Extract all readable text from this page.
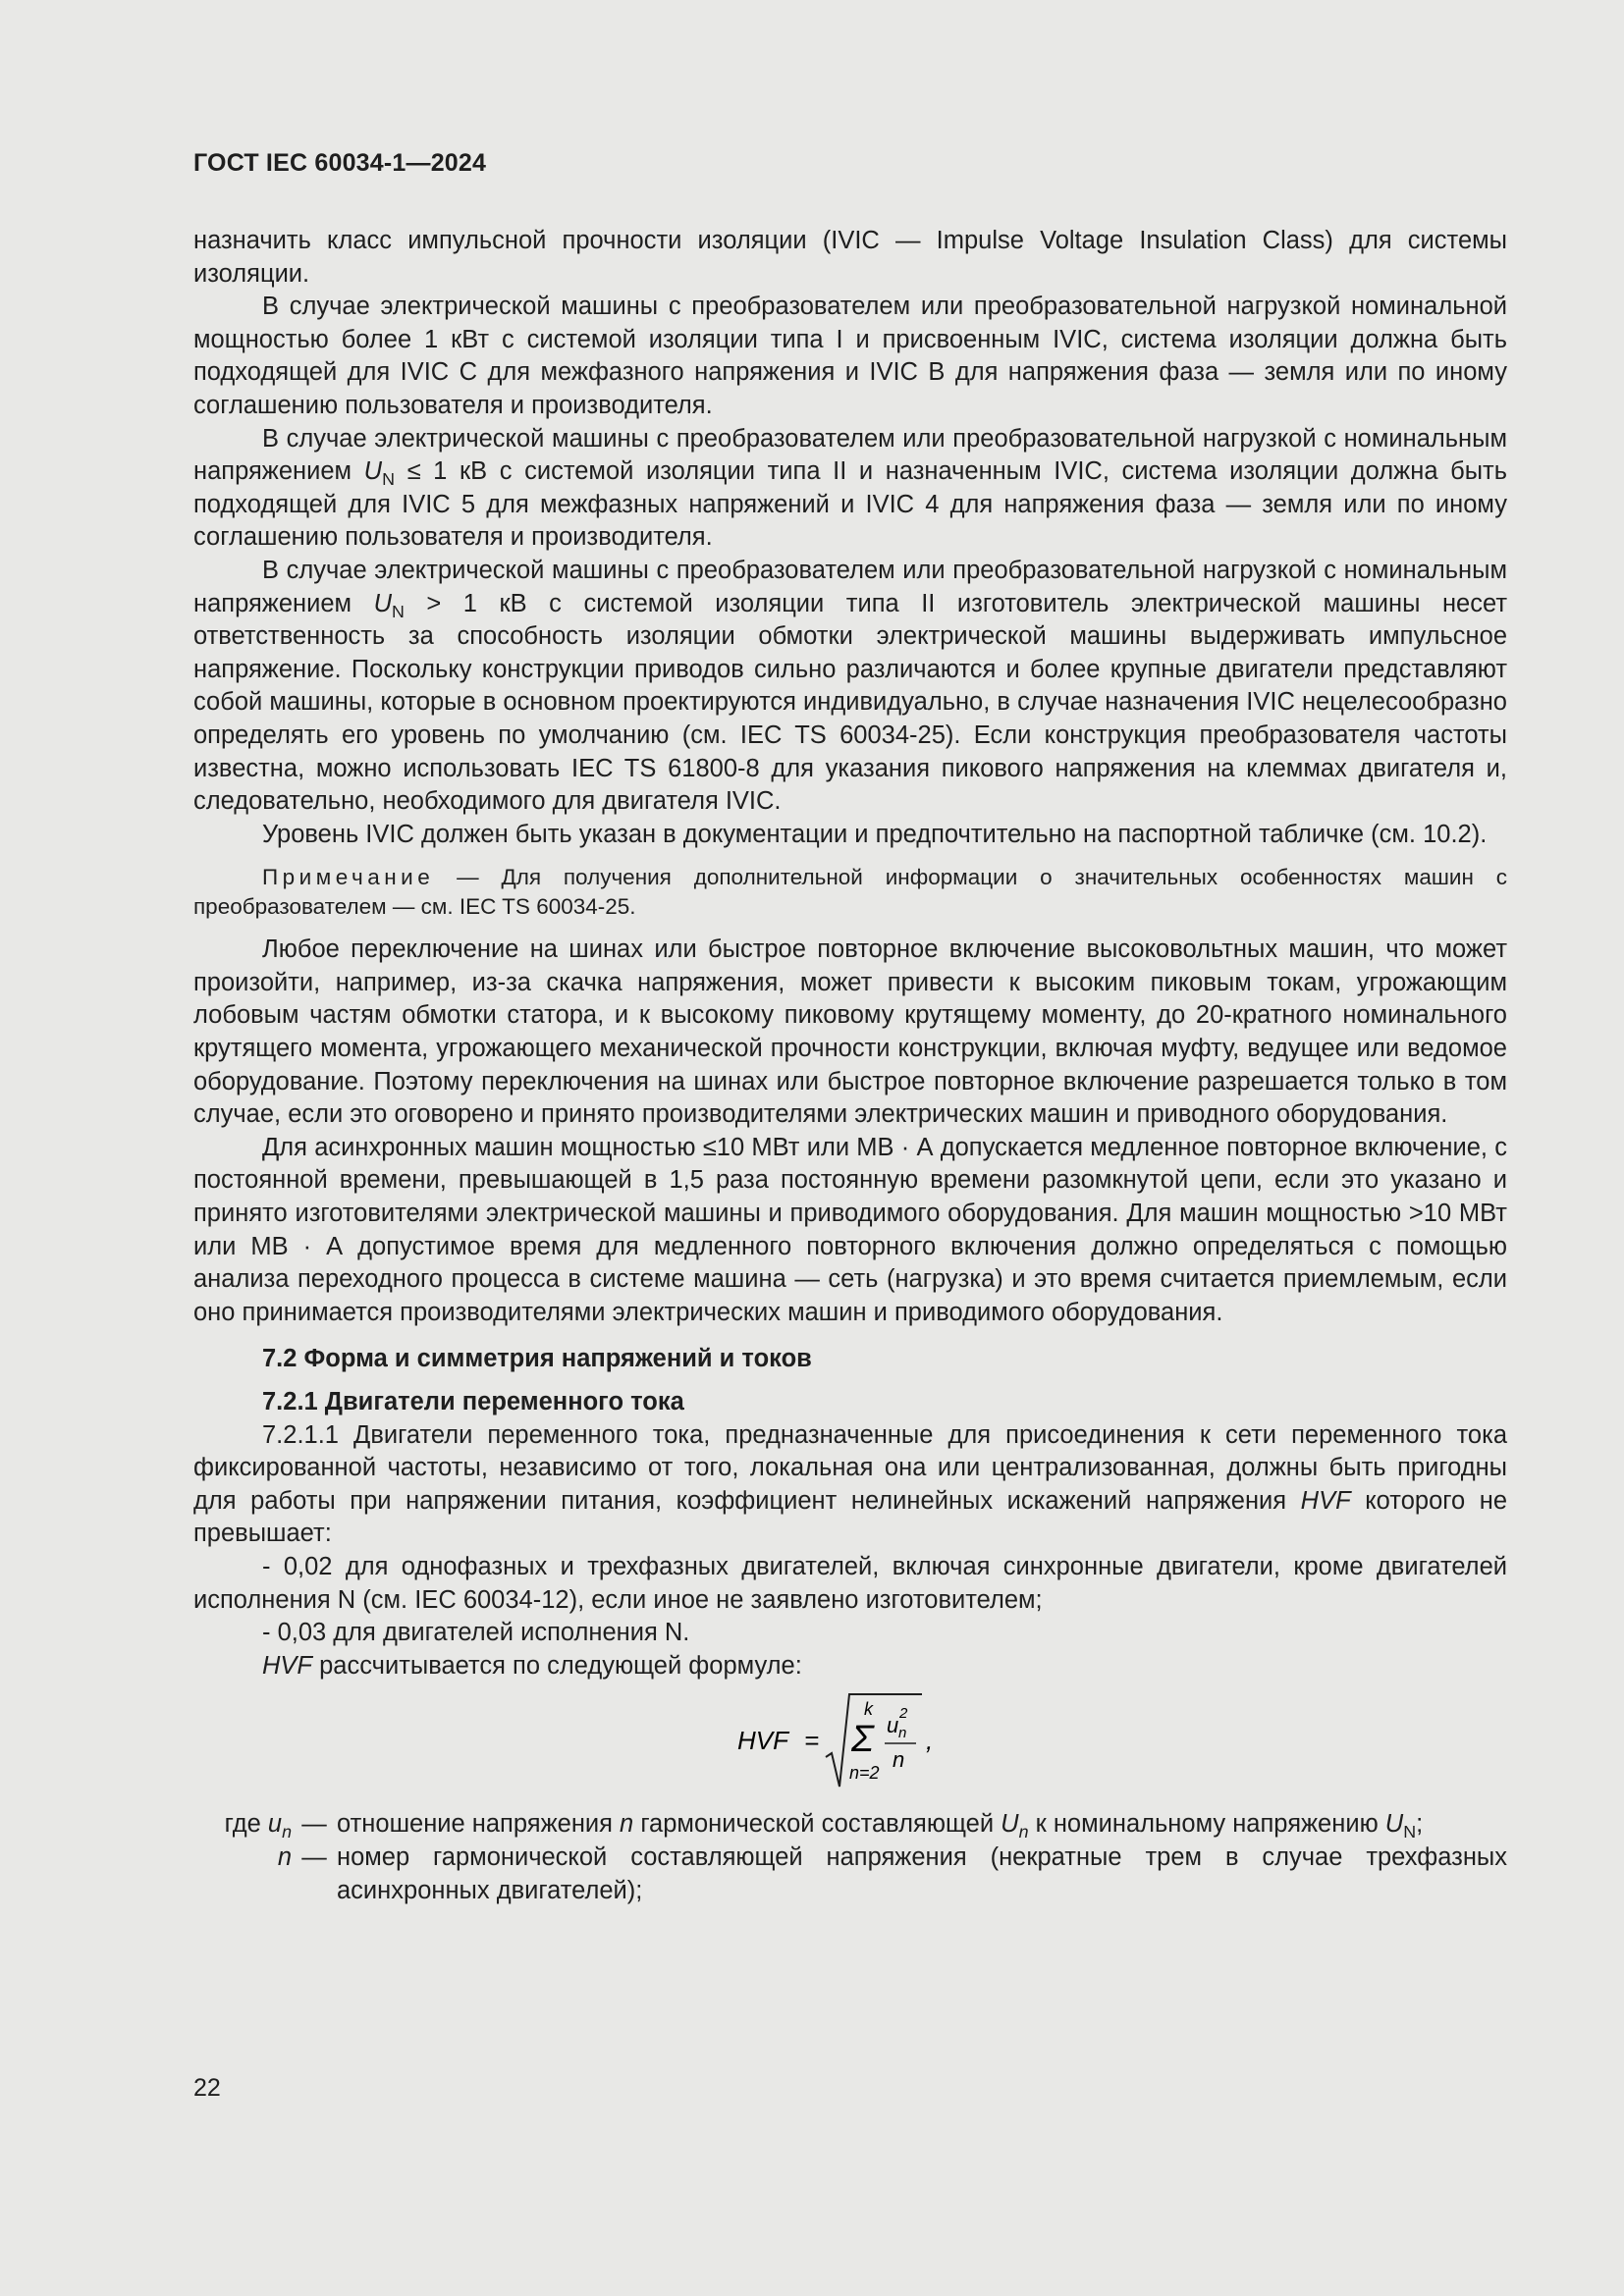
ГОСТ IEC 60034-1—2024

назначить класс импульсной прочности изоляции (IVIC — Impulse Voltage Insulation Class) для системы изоляции.

В случае электрической машины с преобразователем или преобразовательной нагрузкой номинальной мощностью более 1 кВт с системой изоляции типа I и присвоенным IVIC, система изоляции должна быть подходящей для IVIC C для межфазного напряжения и IVIC B для напряжения фаза — земля или по иному соглашению пользователя и производителя.

В случае электрической машины с преобразователем или преобразовательной нагрузкой с номинальным напряжением $U_N \le 1$ кВ с системой изоляции типа II и назначенным IVIC, система изоляции должна быть подходящей для IVIC 5 для межфазных напряжений и IVIC 4 для напряжения фаза — земля или по иному соглашению пользователя и производителя.

В случае электрической машины с преобразователем или преобразовательной нагрузкой с номинальным напряжением $U_N > 1$ кВ с системой изоляции типа II изготовитель электрической машины несет ответственность за способность изоляции обмотки электрической машины выдерживать импульсное напряжение. Поскольку конструкции приводов сильно различаются и более крупные двигатели представляют собой машины, которые в основном проектируются индивидуально, в случае назначения IVIC нецелесообразно определять его уровень по умолчанию (см. IEC TS 60034-25). Если конструкция преобразователя частоты известна, можно использовать IEC TS 61800-8 для указания пикового напряжения на клеммах двигателя и, следовательно, необходимого для двигателя IVIC.

Уровень IVIC должен быть указан в документации и предпочтительно на паспортной табличке (см. 10.2).

Примечание — Для получения дополнительной информации о значительных особенностях машин с преобразователем — см. IEC TS 60034-25.

Любое переключение на шинах или быстрое повторное включение высоковольтных машин, что может произойти, например, из-за скачка напряжения, может привести к высоким пиковым токам, угрожающим лобовым частям обмотки статора, и к высокому пиковому крутящему моменту, до 20-кратного номинального крутящего момента, угрожающего механической прочности конструкции, включая муфту, ведущее или ведомое оборудование. Поэтому переключения на шинах или быстрое повторное включение разрешается только в том случае, если это оговорено и принято производителями электрических машин и приводного оборудования.

Для асинхронных машин мощностью ≤10 МВт или МВ · А допускается медленное повторное включение, с постоянной времени, превышающей в 1,5 раза постоянную времени разомкнутой цепи, если это указано и принято изготовителями электрической машины и приводимого оборудования. Для машин мощностью >10 МВт или МВ · А допустимое время для медленного повторного включения должно определяться с помощью анализа переходного процесса в системе машина — сеть (нагрузка) и это время считается приемлемым, если оно принимается производителями электрических машин и приводимого оборудования.

7.2 Форма и симметрия напряжений и токов

7.2.1 Двигатели переменного тока

7.2.1.1 Двигатели переменного тока, предназначенные для присоединения к сети переменного тока фиксированной частоты, независимо от того, локальная она или централизованная, должны быть пригодны для работы при напряжении питания, коэффициент нелинейных искажений напряжения HVF которого не превышает:

- 0,02 для однофазных и трехфазных двигателей, включая синхронные двигатели, кроме двигателей исполнения N (см. IEC 60034-12), если иное не заявлено изготовителем;

- 0,03 для двигателей исполнения N.

HVF рассчитывается по следующей формуле:

HVF =
k
Σ
n=2
u n
2
n
,
где $u_n$ — отношение напряжения n гармонической составляющей $U_n$ к номинальному напряжению $U_N$;
n — номер гармонической составляющей напряжения (некратные трем в случае трехфазных асинхронных двигателей);
22
